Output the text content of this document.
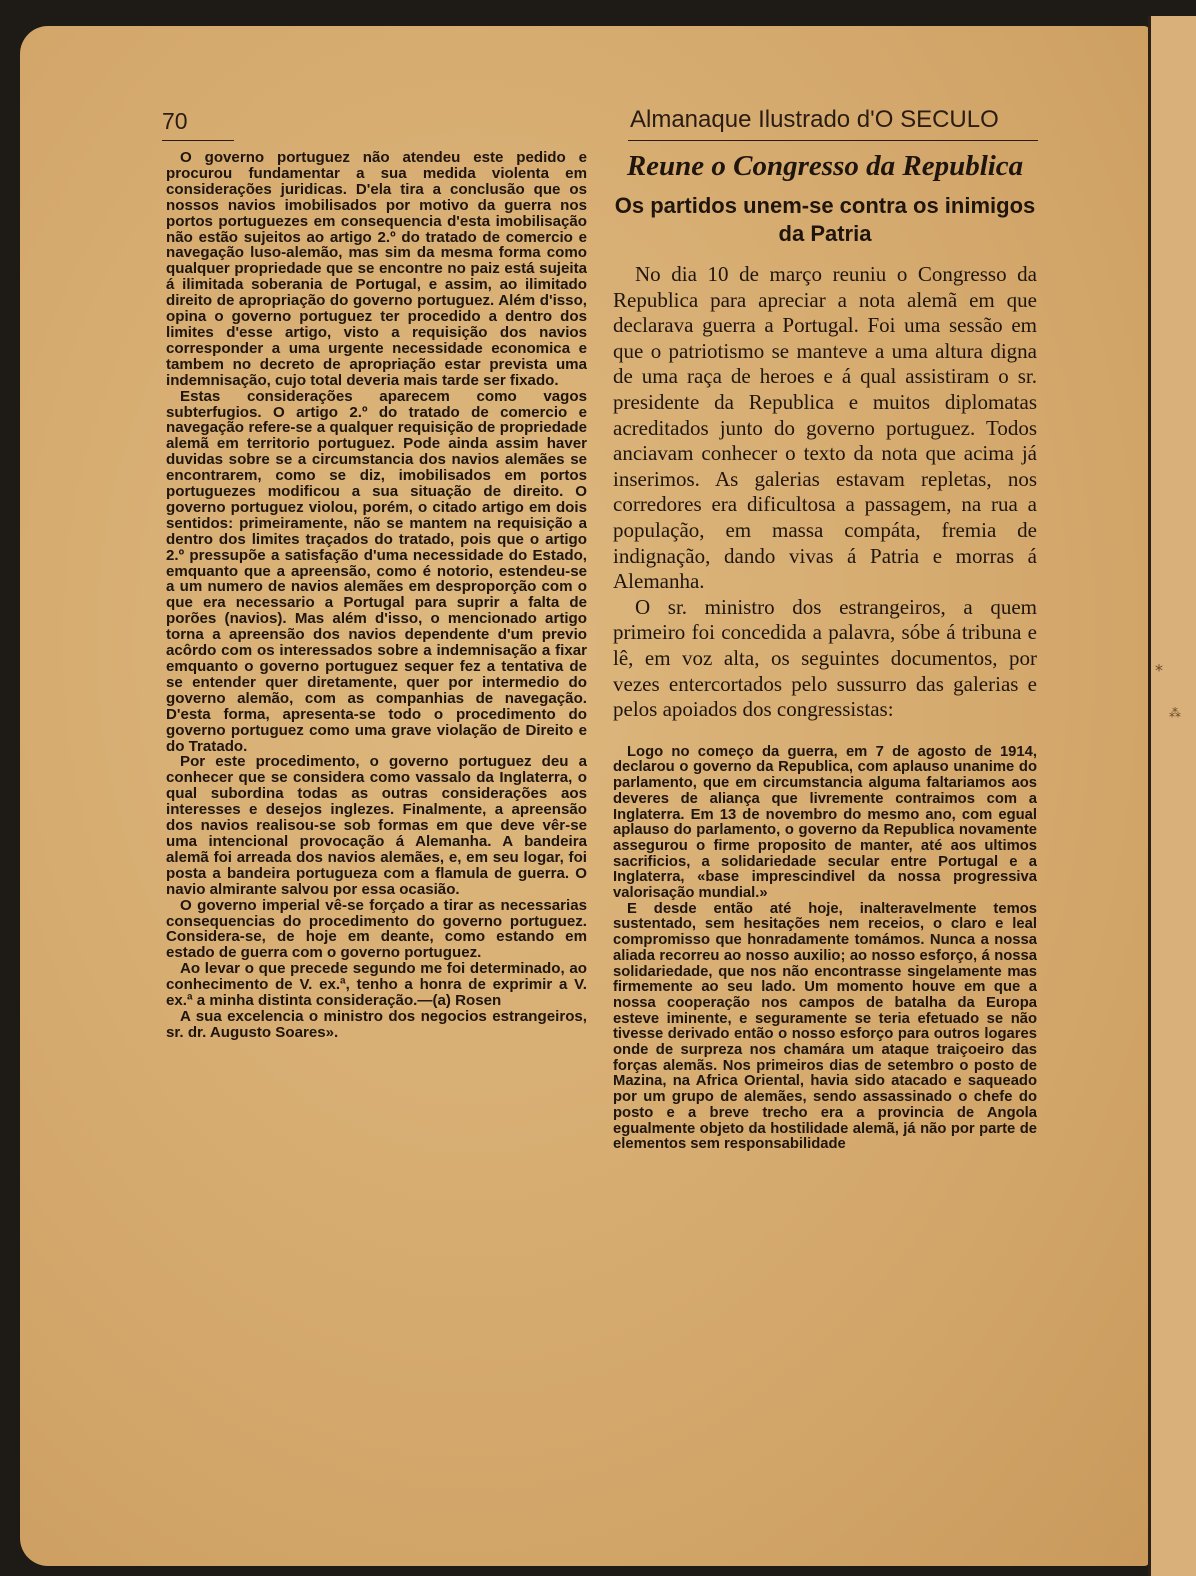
70	Almanaque Ilustrado d'O SECULO

O governo portuguez não atendeu este pedido e procurou fundamentar a sua medida violenta em considerações juridicas. D'ela tira a conclusão que os nossos navios imobilisados por motivo da guerra nos portos portuguezes em consequencia d'esta imobilisação não estão sujeitos ao artigo 2.º do tratado de comercio e navegação luso-alemão, mas sim da mesma forma como qualquer propriedade que se encontre no paiz está sujeita á ilimitada soberania de Portugal, e assim, ao ilimitado direito de apropriação do governo portuguez. Além d'isso, opina o governo portuguez ter procedido a dentro dos limites d'esse artigo, visto a requisição dos navios corresponder a uma urgente necessidade economica e tambem no decreto de apropriação estar prevista uma indemnisação, cujo total deveria mais tarde ser fixado.

Estas considerações aparecem como vagos subterfugios. O artigo 2.º do tratado de comercio e navegação refere-se a qualquer requisição de propriedade alemã em territorio portuguez. Pode ainda assim haver duvidas sobre se a circumstancia dos navios alemães se encontrarem, como se diz, imobilisados em portos portuguezes modificou a sua situação de direito. O governo portuguez violou, porém, o citado artigo em dois sentidos: primeiramente, não se mantem na requisição a dentro dos limites traçados do tratado, pois que o artigo 2.º pressupõe a satisfação d'uma necessidade do Estado, emquanto que a apreensão, como é notorio, estendeu-se a um numero de navios alemães em desproporção com o que era necessario a Portugal para suprir a falta de porões (navios). Mas além d'isso, o mencionado artigo torna a apreensão dos navios dependente d'um previo acôrdo com os interessados sobre a indemnisação a fixar emquanto o governo portuguez sequer fez a tentativa de se entender quer diretamente, quer por intermedio do governo alemão, com as companhias de navegação. D'esta forma, apresenta-se todo o procedimento do governo portuguez como uma grave violação de Direito e do Tratado.

Por este procedimento, o governo portuguez deu a conhecer que se considera como vassalo da Inglaterra, o qual subordina todas as outras considerações aos interesses e desejos inglezes. Finalmente, a apreensão dos navios realisou-se sob formas em que deve vêr-se uma intencional provocação á Alemanha. A bandeira alemã foi arreada dos navios alemães, e, em seu logar, foi posta a bandeira portugueza com a flamula de guerra. O navio almirante salvou por essa ocasião.

O governo imperial vê-se forçado a tirar as necessarias consequencias do procedimento do governo portuguez. Considera-se, de hoje em deante, como estando em estado de guerra com o governo portuguez.

Ao levar o que precede segundo me foi determinado, ao conhecimento de V. ex.ª, tenho a honra de exprimir a V. ex.ª a minha distinta consideração.—(a) Rosen

A sua excelencia o ministro dos negocios estrangeiros, sr. dr. Augusto Soares».

Reune o Congresso da Republica
Os partidos unem-se contra os inimigos da Patria

No dia 10 de março reuniu o Congresso da Republica para apreciar a nota alemã em que declarava guerra a Portugal. Foi uma sessão em que o patriotismo se manteve a uma altura digna de uma raça de heroes e á qual assistiram o sr. presidente da Republica e muitos diplomatas acreditados junto do governo portuguez. Todos anciavam conhecer o texto da nota que acima já inserimos. As galerias estavam repletas, nos corredores era dificultosa a passagem, na rua a população, em massa compáta, fremia de indignação, dando vivas á Patria e morras á Alemanha.

O sr. ministro dos estrangeiros, a quem primeiro foi concedida a palavra, sóbe á tribuna e lê, em voz alta, os seguintes documentos, por vezes entercortados pelo sussurro das galerias e pelos apoiados dos congressistas:

Logo no começo da guerra, em 7 de agosto de 1914, declarou o governo da Republica, com aplauso unanime do parlamento, que em circumstancia alguma faltariamos aos deveres de aliança que livremente contraimos com a Inglaterra. Em 13 de novembro do mesmo ano, com egual aplauso do parlamento, o governo da Republica novamente assegurou o firme proposito de manter, até aos ultimos sacrificios, a solidariedade secular entre Portugal e a Inglaterra, «base imprescindivel da nossa progressiva valorisação mundial.»

E desde então até hoje, inalteravelmente temos sustentado, sem hesitações nem receios, o claro e leal compromisso que honradamente tomámos. Nunca a nossa aliada recorreu ao nosso auxilio; ao nosso esforço, á nossa solidariedade, que nos não encontrasse singelamente mas firmemente ao seu lado. Um momento houve em que a nossa cooperação nos campos de batalha da Europa esteve iminente, e seguramente se teria efetuado se não tivesse derivado então o nosso esforço para outros logares onde de surpreza nos chamára um ataque traiçoeiro das forças alemãs. Nos primeiros dias de setembro o posto de Mazina, na Africa Oriental, havia sido atacado e saqueado por um grupo de alemães, sendo assassinado o chefe do posto e a breve trecho era a provincia de Angola egualmente objeto da hostilidade alemã, já não por parte de elementos sem responsabilidade

⁎
⁂
